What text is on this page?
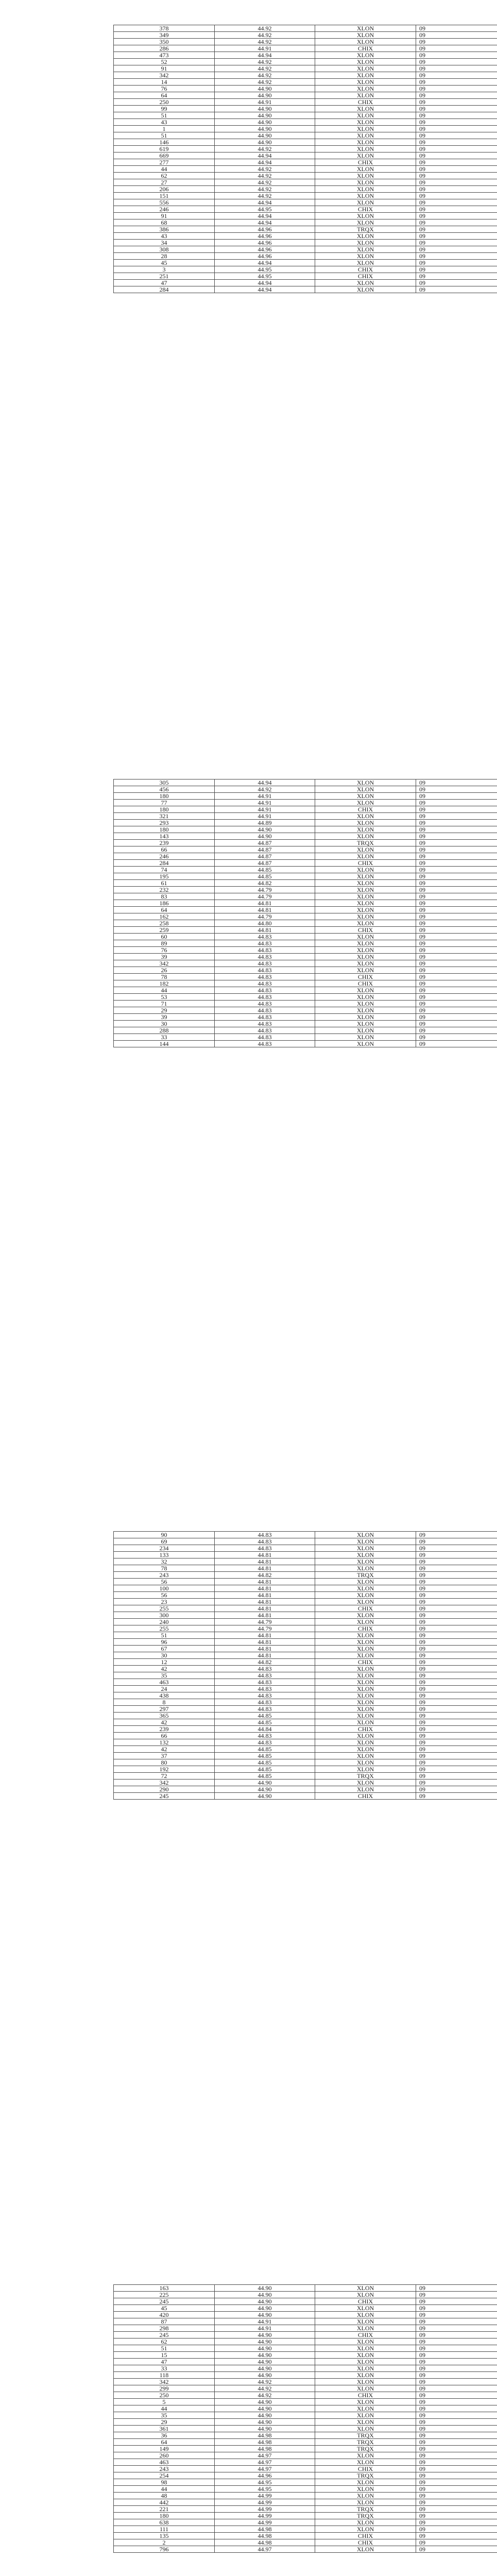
378	44.92	XLON	09
349	44.92	XLON	09
350	44.92	XLON	09
286	44.91	CHIX	09
473	44.94	XLON	09
52	44.92	XLON	09
91	44.92	XLON	09
342	44.92	XLON	09
14	44.92	XLON	09
76	44.90	XLON	09
64	44.90	XLON	09
250	44.91	CHIX	09
99	44.90	XLON	09
51	44.90	XLON	09
43	44.90	XLON	09
1	44.90	XLON	09
51	44.90	XLON	09
146	44.90	XLON	09
619	44.92	XLON	09
669	44.94	XLON	09
277	44.94	CHIX	09
44	44.92	XLON	09
62	44.92	XLON	09
27	44.92	XLON	09
206	44.92	XLON	09
151	44.92	XLON	09
556	44.94	XLON	09
246	44.95	CHIX	09
91	44.94	XLON	09
68	44.94	XLON	09
386	44.96	TRQX	09
43	44.96	XLON	09
34	44.96	XLON	09
308	44.96	XLON	09
28	44.96	XLON	09
45	44.94	XLON	09
3	44.95	CHIX	09
251	44.95	CHIX	09
47	44.94	XLON	09
284	44.94	XLON	09
305	44.94	XLON	09
456	44.92	XLON	09
180	44.91	XLON	09
77	44.91	XLON	09
180	44.91	CHIX	09
321	44.91	XLON	09
293	44.89	XLON	09
180	44.90	XLON	09
143	44.90	XLON	09
239	44.87	TRQX	09
66	44.87	XLON	09
246	44.87	XLON	09
284	44.87	CHIX	09
74	44.85	XLON	09
195	44.85	XLON	09
61	44.82	XLON	09
232	44.79	XLON	09
83	44.79	XLON	09
186	44.81	XLON	09
64	44.81	XLON	09
162	44.79	XLON	09
258	44.80	XLON	09
259	44.81	CHIX	09
60	44.83	XLON	09
89	44.83	XLON	09
76	44.83	XLON	09
39	44.83	XLON	09
342	44.83	XLON	09
26	44.83	XLON	09
78	44.83	CHIX	09
182	44.83	CHIX	09
44	44.83	XLON	09
53	44.83	XLON	09
71	44.83	XLON	09
29	44.83	XLON	09
39	44.83	XLON	09
30	44.83	XLON	09
288	44.83	XLON	09
33	44.83	XLON	09
144	44.83	XLON	09
90	44.83	XLON	09
69	44.83	XLON	09
234	44.83	XLON	09
133	44.81	XLON	09
32	44.81	XLON	09
78	44.81	XLON	09
243	44.82	TRQX	09
56	44.81	XLON	09
100	44.81	XLON	09
56	44.81	XLON	09
23	44.81	XLON	09
255	44.81	CHIX	09
300	44.81	XLON	09
240	44.79	XLON	09
255	44.79	CHIX	09
51	44.81	XLON	09
96	44.81	XLON	09
67	44.81	XLON	09
30	44.81	XLON	09
12	44.82	CHIX	09
42	44.83	XLON	09
35	44.83	XLON	09
463	44.83	XLON	09
24	44.83	XLON	09
438	44.83	XLON	09
8	44.83	XLON	09
297	44.83	XLON	09
365	44.85	XLON	09
42	44.85	XLON	09
239	44.84	CHIX	09
66	44.83	XLON	09
132	44.83	XLON	09
42	44.85	XLON	09
37	44.85	XLON	09
80	44.85	XLON	09
192	44.85	XLON	09
72	44.85	TRQX	09
342	44.90	XLON	09
290	44.90	XLON	09
245	44.90	CHIX	09
163	44.90	XLON	09
225	44.90	XLON	09
245	44.90	CHIX	09
45	44.90	XLON	09
420	44.90	XLON	09
87	44.91	XLON	09
298	44.91	XLON	09
245	44.90	CHIX	09
62	44.90	XLON	09
51	44.90	XLON	09
15	44.90	XLON	09
47	44.90	XLON	09
33	44.90	XLON	09
118	44.90	XLON	09
342	44.92	XLON	09
299	44.92	XLON	09
250	44.92	CHIX	09
5	44.90	XLON	09
44	44.90	XLON	09
35	44.90	XLON	09
29	44.90	XLON	09
361	44.90	XLON	09
36	44.98	TRQX	09
64	44.98	TRQX	09
149	44.98	TRQX	09
260	44.97	XLON	09
463	44.97	XLON	09
243	44.97	CHIX	09
254	44.96	TRQX	09
98	44.95	XLON	09
44	44.95	XLON	09
48	44.99	XLON	09
442	44.99	XLON	09
221	44.99	TRQX	09
180	44.99	TRQX	09
638	44.99	XLON	09
111	44.98	XLON	09
135	44.98	CHIX	09
2	44.98	CHIX	09
796	44.97	XLON	09
